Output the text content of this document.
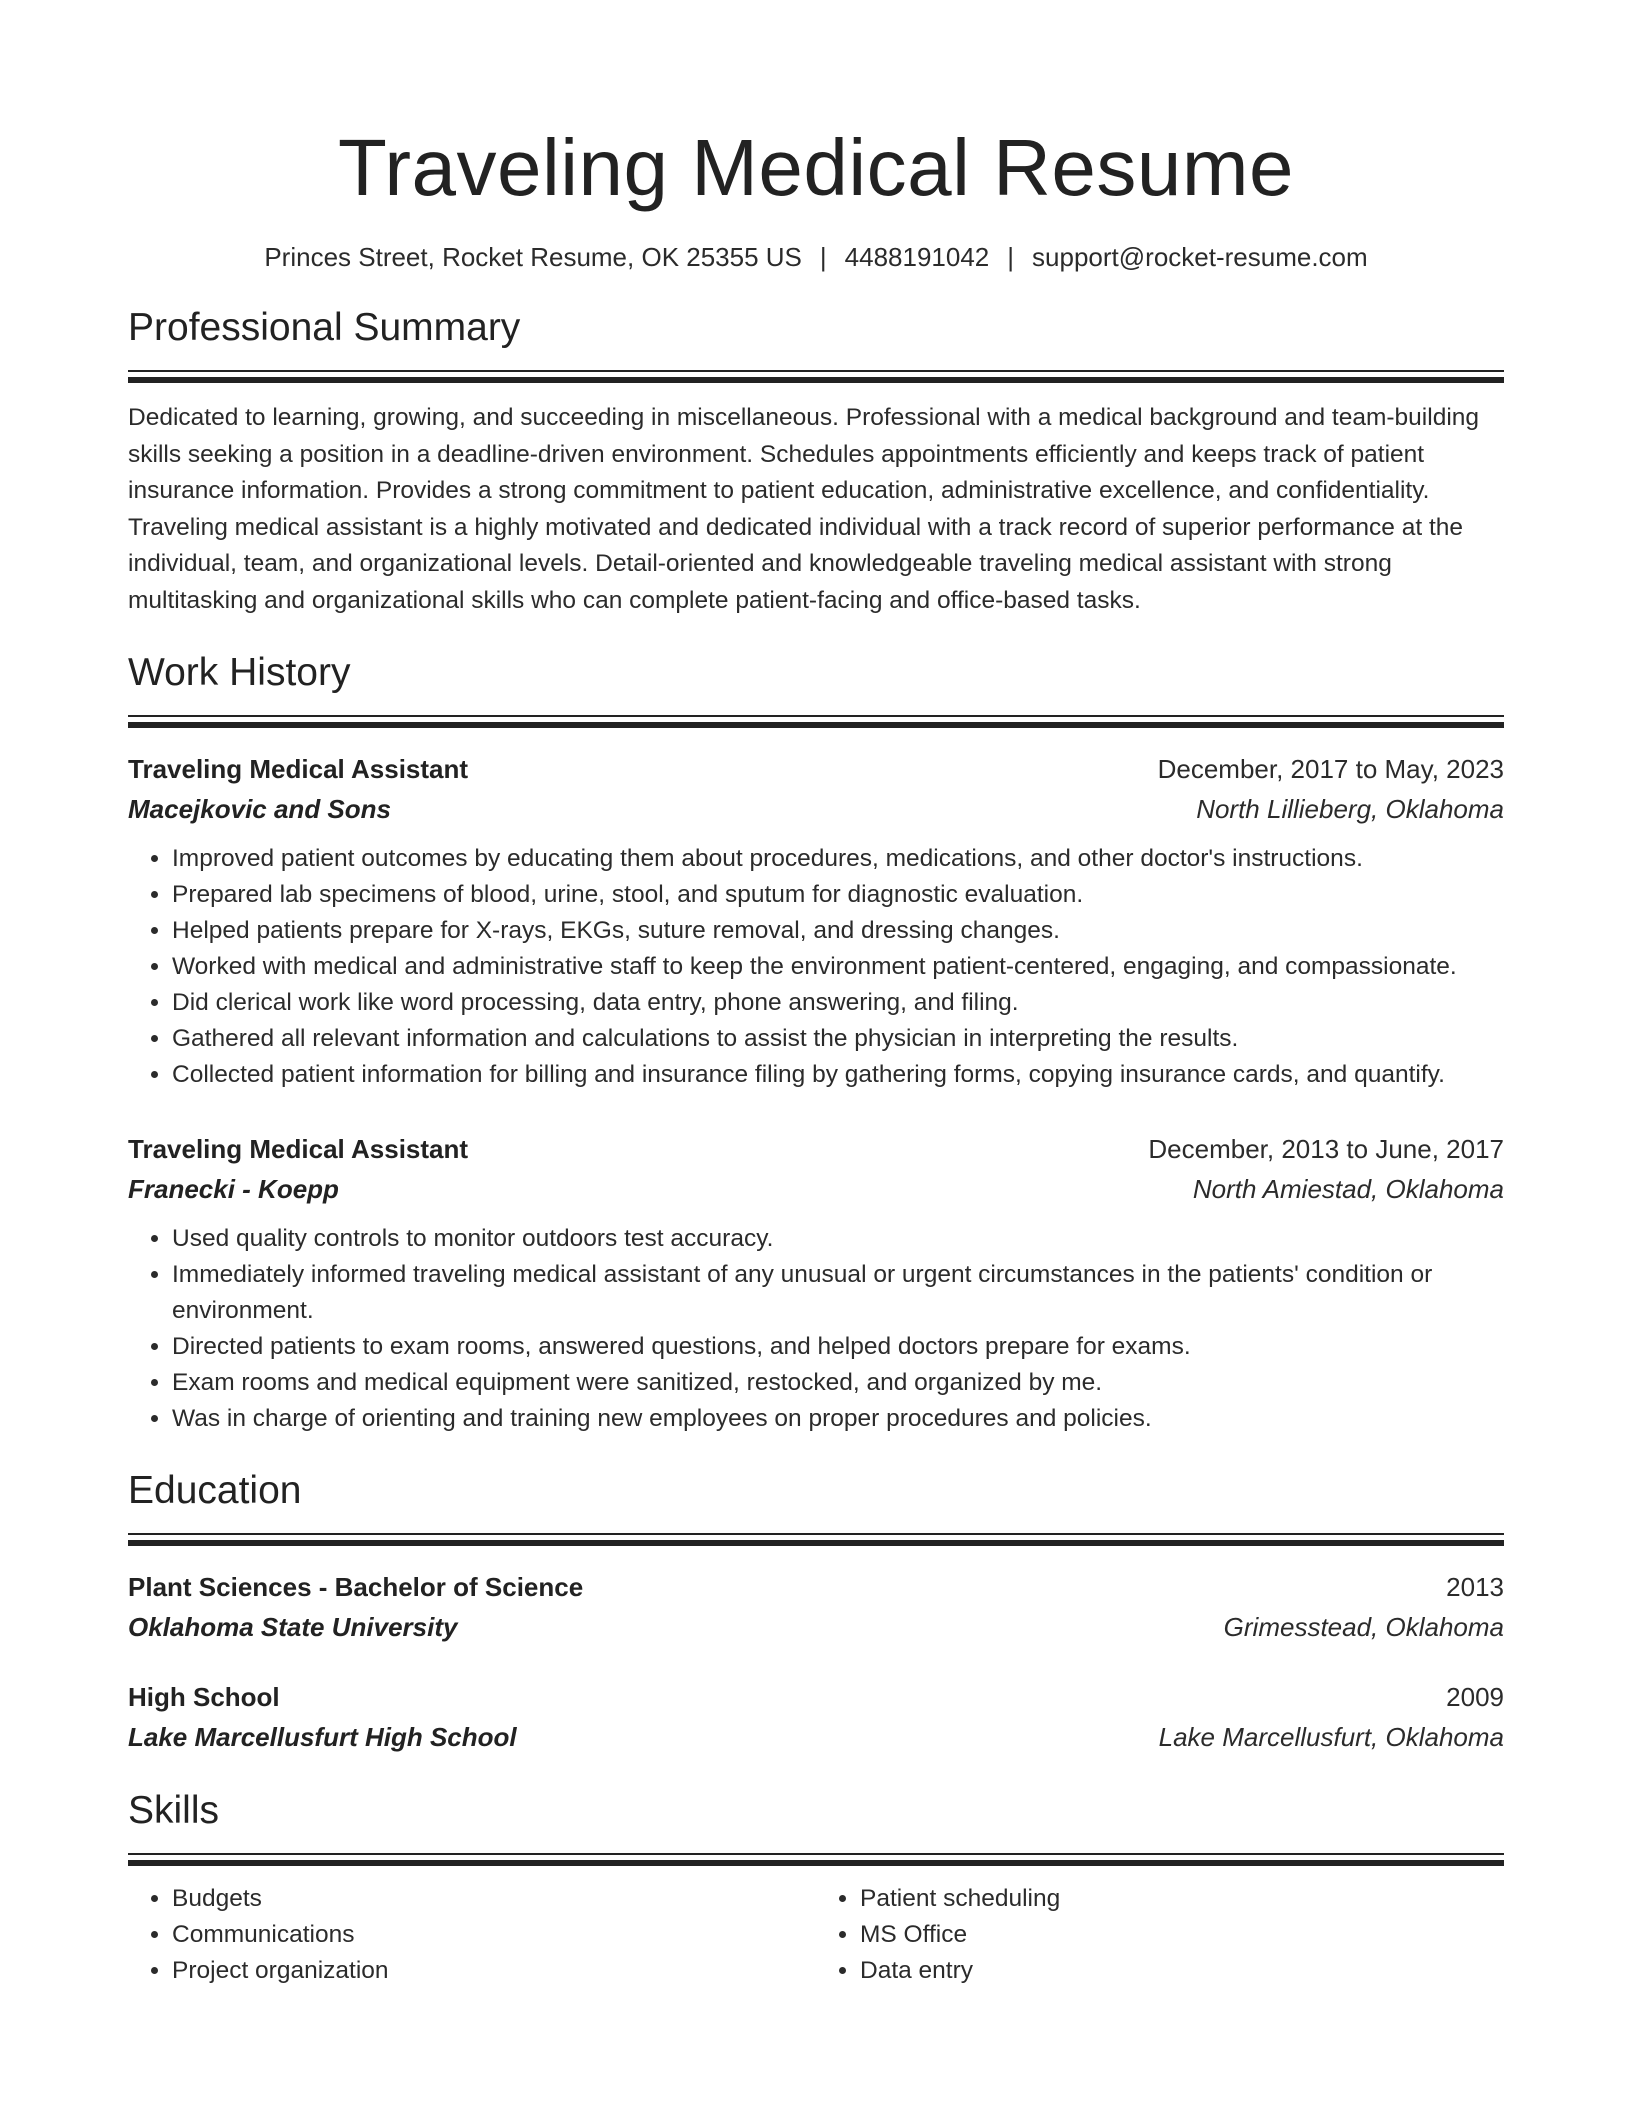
Traveling Medical Resume
Princes Street, Rocket Resume, OK 25355 US | 4488191042 | support@rocket-resume.com
Professional Summary
Dedicated to learning, growing, and succeeding in miscellaneous. Professional with a medical background and team-building skills seeking a position in a deadline-driven environment. Schedules appointments efficiently and keeps track of patient insurance information. Provides a strong commitment to patient education, administrative excellence, and confidentiality. Traveling medical assistant is a highly motivated and dedicated individual with a track record of superior performance at the individual, team, and organizational levels. Detail-oriented and knowledgeable traveling medical assistant with strong multitasking and organizational skills who can complete patient-facing and office-based tasks.
Work History
Traveling Medical Assistant	December, 2017 to May, 2023
Macejkovic and Sons	North Lillieberg, Oklahoma
• Improved patient outcomes by educating them about procedures, medications, and other doctor's instructions.
• Prepared lab specimens of blood, urine, stool, and sputum for diagnostic evaluation.
• Helped patients prepare for X-rays, EKGs, suture removal, and dressing changes.
• Worked with medical and administrative staff to keep the environment patient-centered, engaging, and compassionate.
• Did clerical work like word processing, data entry, phone answering, and filing.
• Gathered all relevant information and calculations to assist the physician in interpreting the results.
• Collected patient information for billing and insurance filing by gathering forms, copying insurance cards, and quantify.
Traveling Medical Assistant	December, 2013 to June, 2017
Franecki - Koepp	North Amiestad, Oklahoma
• Used quality controls to monitor outdoors test accuracy.
• Immediately informed traveling medical assistant of any unusual or urgent circumstances in the patients' condition or environment.
• Directed patients to exam rooms, answered questions, and helped doctors prepare for exams.
• Exam rooms and medical equipment were sanitized, restocked, and organized by me.
• Was in charge of orienting and training new employees on proper procedures and policies.
Education
Plant Sciences - Bachelor of Science	2013
Oklahoma State University	Grimesstead, Oklahoma
High School	2009
Lake Marcellusfurt High School	Lake Marcellusfurt, Oklahoma
Skills
• Budgets
• Communications
• Project organization
• Patient scheduling
• MS Office
• Data entry
